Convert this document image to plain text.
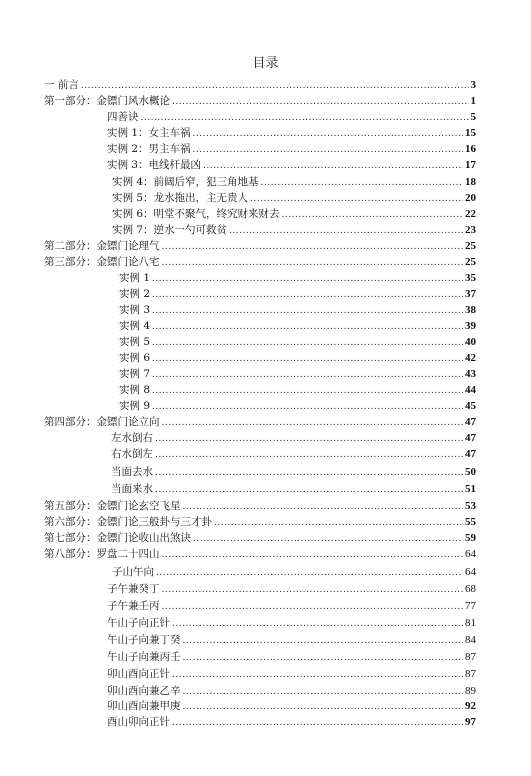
目录
一 前言 .....	3
第一部分：金镖门风水概论 .....	1
四善诀 .....	5
实例 1：女主车祸 .....	15
实例 2：男主车祸 .....	16
实例 3：电线杆最凶 .....	17
实例 4：前阔后窄，犯三角地基 .....	18
实例 5：龙水拖出，主无贵人 .....	20
实例 6：明堂不聚气，终究财来财去 .....	22
实例 7：逆水一勺可救贫 .....	23
第二部分：金镖门论理气 .....	25
第三部分：金镖门论八宅 .....	25
实例 1 .....	35
实例 2 .....	37
实例 3 .....	38
实例 4 .....	39
实例 5 .....	40
实例 6 .....	42
实例 7 .....	43
实例 8 .....	44
实例 9 .....	45
第四部分：金镖门论立向 .....	47
左水倒右 .....	47
右水倒左 .....	47
当面去水 .....	50
当面来水 .....	51
第五部分：金镖门论玄空飞星 .....	53
第六部分：金镖门论三般卦与三才卦 .....	55
第七部分：金镖门论收山出煞诀 .....	59
第八部分：罗盘二十四山 .....	64
子山午向 .....	64
子午兼癸丁 .....	68
子午兼壬丙 .....	77
午山子向正针 .....	81
午山子向兼丁癸 .....	84
午山子向兼丙壬 .....	87
卯山酉向正针 .....	87
卯山酉向兼乙辛 .....	89
卯山酉向兼甲庚 .....	92
酉山卯向正针 .....	97
